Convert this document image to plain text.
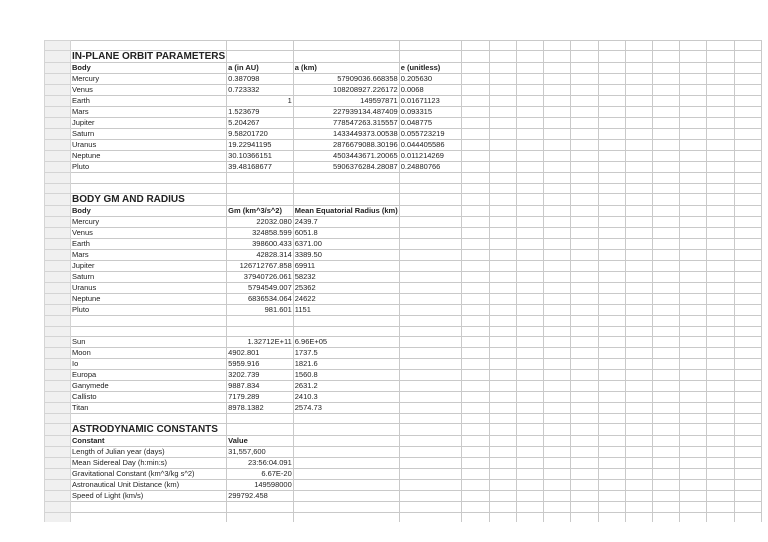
	IN-PLANE ORBIT PARAMETERS														
	Body	a (in AU)	a (km)	e (unitless)											
	Mercury	0.387098	57909036.668358	0.205630											
	Venus	0.723332	108208927.226172	0.0068											
	Earth	1	149597871	0.01671123											
	Mars	1.523679	227939134.487409	0.093315											
	Jupiter	5.204267	778547263.315557	0.048775											
	Saturn	9.58201720	1433449373.00538	0.055723219											
	Uranus	19.22941195	2876679088.30196	0.044405586											
	Neptune	30.10366151	4503443671.20065	0.011214269											
	Pluto	39.48168677	5906376284.28087	0.24880766											

	BODY GM AND RADIUS														
	Body	Gm (km^3/s^2)	Mean Equatorial Radius (km)												
	Mercury	22032.080	2439.7												
	Venus	324858.599	6051.8												
	Earth	398600.433	6371.00												
	Mars	42828.314	3389.50												
	Jupiter	126712767.858	69911												
	Saturn	37940726.061	58232												
	Uranus	5794549.007	25362												
	Neptune	6836534.064	24622												
	Pluto	981.601	1151												

	Sun	1.32712E+11	6.96E+05												
	Moon	4902.801	1737.5												
	Io	5959.916	1821.6												
	Europa	3202.739	1560.8												
	Ganymede	9887.834	2631.2												
	Callisto	7179.289	2410.3												
	Titan	8978.1382	2574.73												

	ASTRODYNAMIC CONSTANTS														
	Constant	Value													
	Length of Julian year (days)	31,557,600													
	Mean Sidereal Day (h:min:s)	23:56:04.091													
	Gravitational Constant (km^3/kg s^2)	6.67E-20													
	Astronautical Unit Distance (km)	149598000													
	Speed of Light (km/s)	299792.458													
